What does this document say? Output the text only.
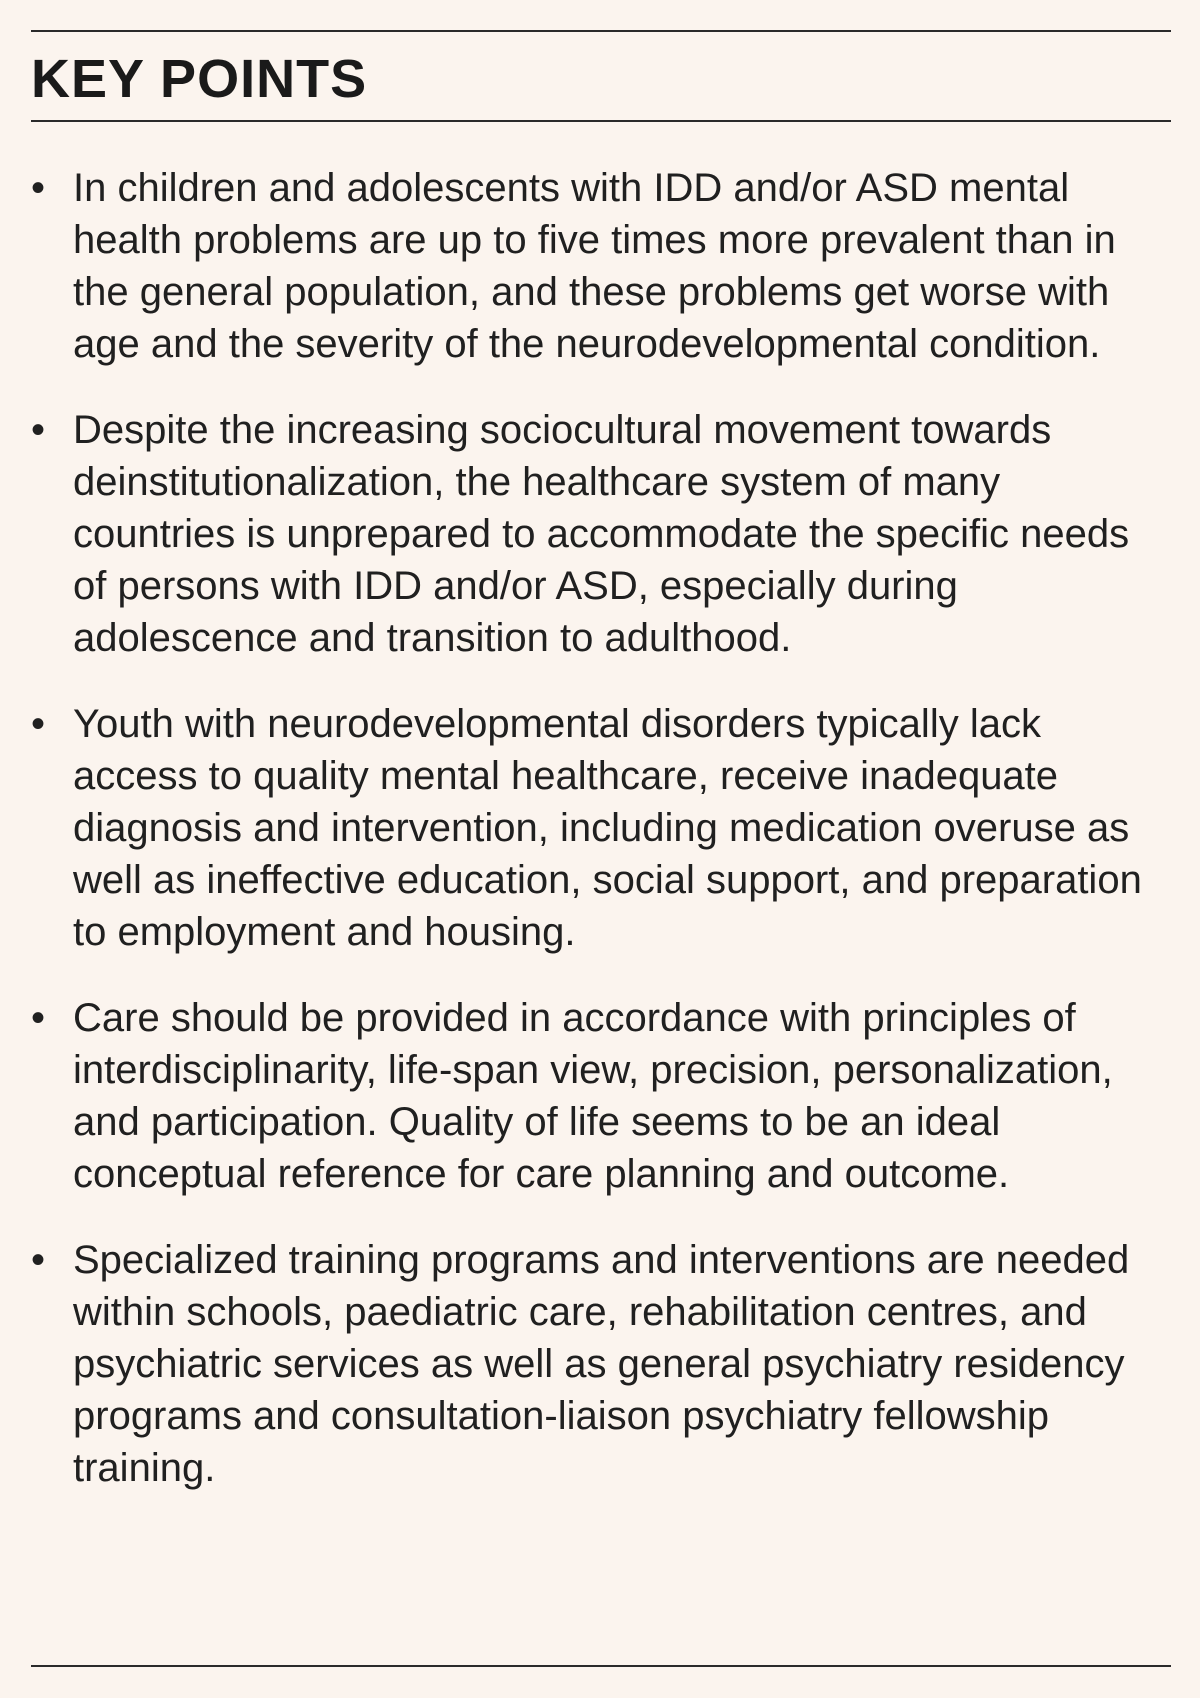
KEY POINTS
• In children and adolescents with IDD and/or ASD mental health problems are up to five times more prevalent than in the general population, and these problems get worse with age and the severity of the neurodevelopmental condition.
• Despite the increasing sociocultural movement towards deinstitutionalization, the healthcare system of many countries is unprepared to accommodate the specific needs of persons with IDD and/or ASD, especially during adolescence and transition to adulthood.
• Youth with neurodevelopmental disorders typically lack access to quality mental healthcare, receive inadequate diagnosis and intervention, including medication overuse as well as ineffective education, social support, and preparation to employment and housing.
• Care should be provided in accordance with principles of interdisciplinarity, life-span view, precision, personalization, and participation. Quality of life seems to be an ideal conceptual reference for care planning and outcome.
• Specialized training programs and interventions are needed within schools, paediatric care, rehabilitation centres, and psychiatric services as well as general psychiatry residency programs and consultation-liaison psychiatry fellowship training.
